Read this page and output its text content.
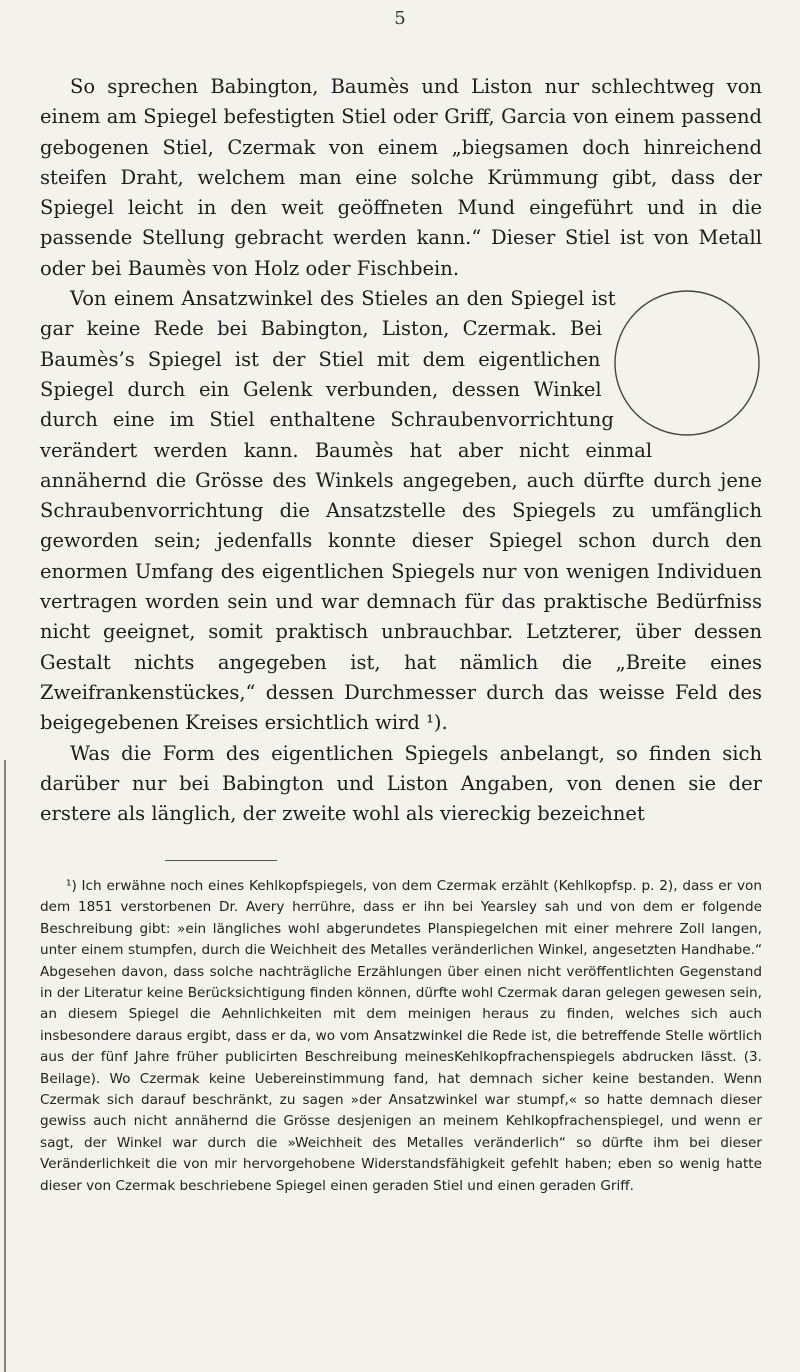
5

So sprechen Babington, Baumès und Liston nur schlechtweg von einem am Spiegel befestigten Stiel oder Griff, Garcia von einem passend gebogenen Stiel, Czermak von einem „biegsamen doch hinreichend steifen Draht, welchem man eine solche Krümmung gibt, dass der Spiegel leicht in den weit geöffneten Mund eingeführt und in die passende Stellung gebracht werden kann.“ Dieser Stiel ist von Metall oder bei Baumès von Holz oder Fischbein.

Von einem Ansatzwinkel des Stieles an den Spiegel ist gar keine Rede bei Babington, Liston, Czermak. Bei Baumès’s Spiegel ist der Stiel mit dem eigentlichen Spiegel durch ein Gelenk verbunden, dessen Winkel durch eine im Stiel enthaltene Schraubenvorrichtung verändert werden kann. Baumès hat aber nicht einmal annähernd die Grösse des Winkels angegeben, auch dürfte durch jene Schraubenvorrichtung die Ansatzstelle des Spiegels zu umfänglich geworden sein; jedenfalls konnte dieser Spiegel schon durch den enormen Umfang des eigentlichen Spiegels nur von wenigen Individuen vertragen worden sein und war demnach für das praktische Bedürfniss nicht geeignet, somit praktisch unbrauchbar. Letzterer, über dessen Gestalt nichts angegeben ist, hat nämlich die „Breite eines Zweifrankenstückes,“ dessen Durchmesser durch das weisse Feld des beigegebenen Kreises ersichtlich wird ¹).

Was die Form des eigentlichen Spiegels anbelangt, so finden sich darüber nur bei Babington und Liston Angaben, von denen sie der erstere als länglich, der zweite wohl als viereckig bezeichnet

¹) Ich erwähne noch eines Kehlkopfspiegels, von dem Czermak erzählt (Kehlkopfsp. p. 2), dass er von dem 1851 verstorbenen Dr. Avery herrühre, dass er ihn bei Yearsley sah und von dem er folgende Beschreibung gibt: »ein längliches wohl abgerundetes Planspiegelchen mit einer mehrere Zoll langen, unter einem stumpfen, durch die Weichheit des Metalles veränderlichen Winkel, angesetzten Handhabe.“ Abgesehen davon, dass solche nachträgliche Erzählungen über einen nicht veröffentlichten Gegenstand in der Literatur keine Berücksichtigung finden können, dürfte wohl Czermak daran gelegen gewesen sein, an diesem Spiegel die Aehnlichkeiten mit dem meinigen heraus zu finden, welches sich auch insbesondere daraus ergibt, dass er da, wo vom Ansatzwinkel die Rede ist, die betreffende Stelle wörtlich aus der fünf Jahre früher publicirten Beschreibung meinesKehlkopfrachenspiegels abdrucken lässt. (3. Beilage). Wo Czermak keine Uebereinstimmung fand, hat demnach sicher keine bestanden. Wenn Czermak sich darauf beschränkt, zu sagen »der Ansatzwinkel war stumpf,« so hatte demnach dieser gewiss auch nicht annähernd die Grösse desjenigen an meinem Kehlkopfrachenspiegel, und wenn er sagt, der Winkel war durch die »Weichheit des Metalles veränderlich“ so dürfte ihm bei dieser Veränderlichkeit die von mir hervorgehobene Widerstandsfähigkeit gefehlt haben; eben so wenig hatte dieser von Czermak beschriebene Spiegel einen geraden Stiel und einen geraden Griff.
